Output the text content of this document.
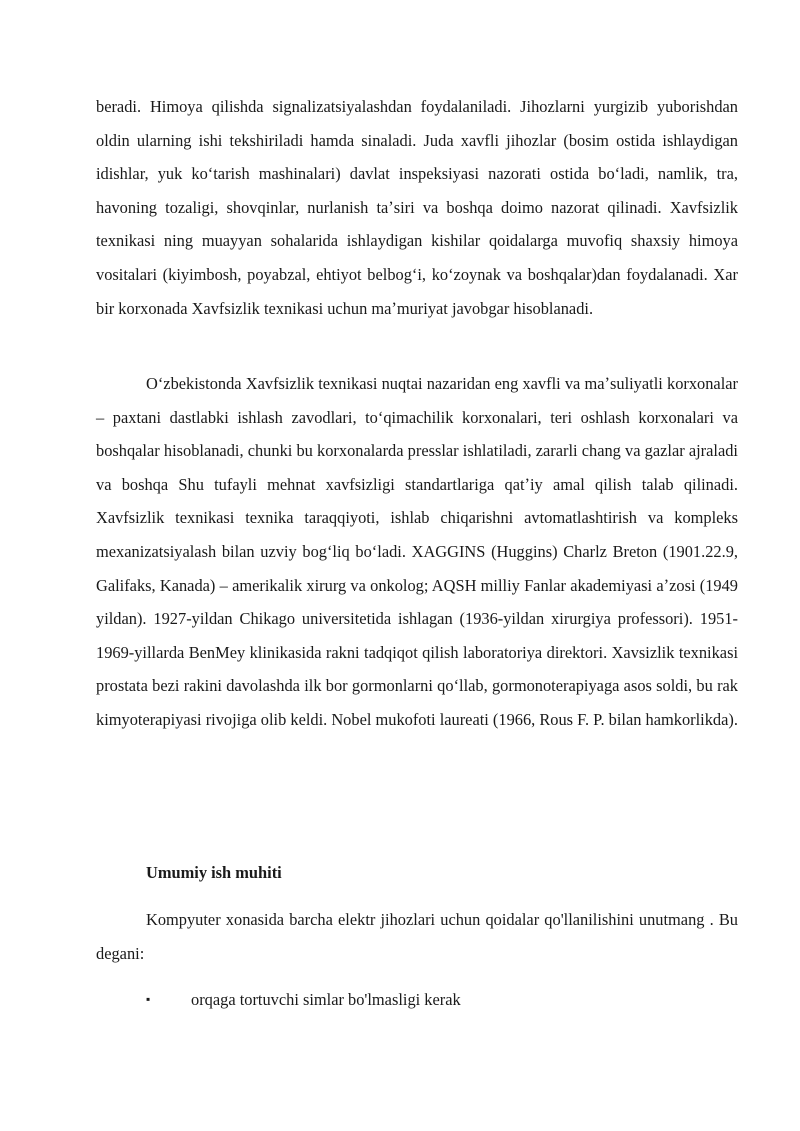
beradi. Himoya qilishda signalizatsiyalashdan foydalaniladi. Jihozlarni yurgizib yuborishdan oldin ularning ishi tekshiriladi hamda sinaladi. Juda xavfli jihozlar (bosim ostida ishlaydigan idishlar, yuk koʻtarish mashinalari) davlat inspeksiyasi nazorati ostida boʻladi, namlik, tra, havoning tozaligi, shovqinlar, nurlanish taʼsiri va boshqa doimo nazorat qilinadi. Xavfsizlik texnikasi ning muayyan sohalarida ishlaydigan kishilar qoidalarga muvofiq shaxsiy himoya vositalari (kiyimbosh, poyabzal, ehtiyot belbogʻi, koʻzoynak va boshqalar)dan foydalanadi. Xar bir korxonada Xavfsizlik texnikasi uchun maʼmuriyat javobgar hisoblanadi.

Oʻzbekistonda Xavfsizlik texnikasi nuqtai nazaridan eng xavfli va maʼsuliyatli korxonalar – paxtani dastlabki ishlash zavodlari, toʻqimachilik korxonalari, teri oshlash korxonalari va boshqalar hisoblanadi, chunki bu korxonalarda presslar ishlatiladi, zararli chang va gazlar ajraladi va boshqa Shu tufayli mehnat xavfsizligi standartlariga qatʼiy amal qilish talab qilinadi. Xavfsizlik texnikasi texnika taraqqiyoti, ishlab chiqarishni avtomatlashtirish va kompleks mexanizatsiyalash bilan uzviy bogʻliq boʻladi. XAGGINS (Huggins) Charlz Breton (1901.22.9, Galifaks, Kanada) – amerikalik xirurg va onkolog; AQSH milliy Fanlar akademiyasi aʼzosi (1949 yildan). 1927-yildan Chikago universitetida ishlagan (1936-yildan xirurgiya professori). 1951-1969-yillarda BenMey klinikasida rakni tadqiqot qilish laboratoriya direktori. Xavsizlik texnikasi prostata bezi rakini davolashda ilk bor gormonlarni qoʻllab, gormonoterapiyaga asos soldi, bu rak kimyoterapiyasi rivojiga olib keldi. Nobel mukofoti laureati (1966, Rous F. P. bilan hamkorlikda).

Umumiy ish muhiti

Kompyuter xonasida barcha elektr jihozlari uchun qoidalar qo'llanilishini unutmang . Bu degani:

▪ orqaga tortuvchi simlar bo'lmasligi kerak
